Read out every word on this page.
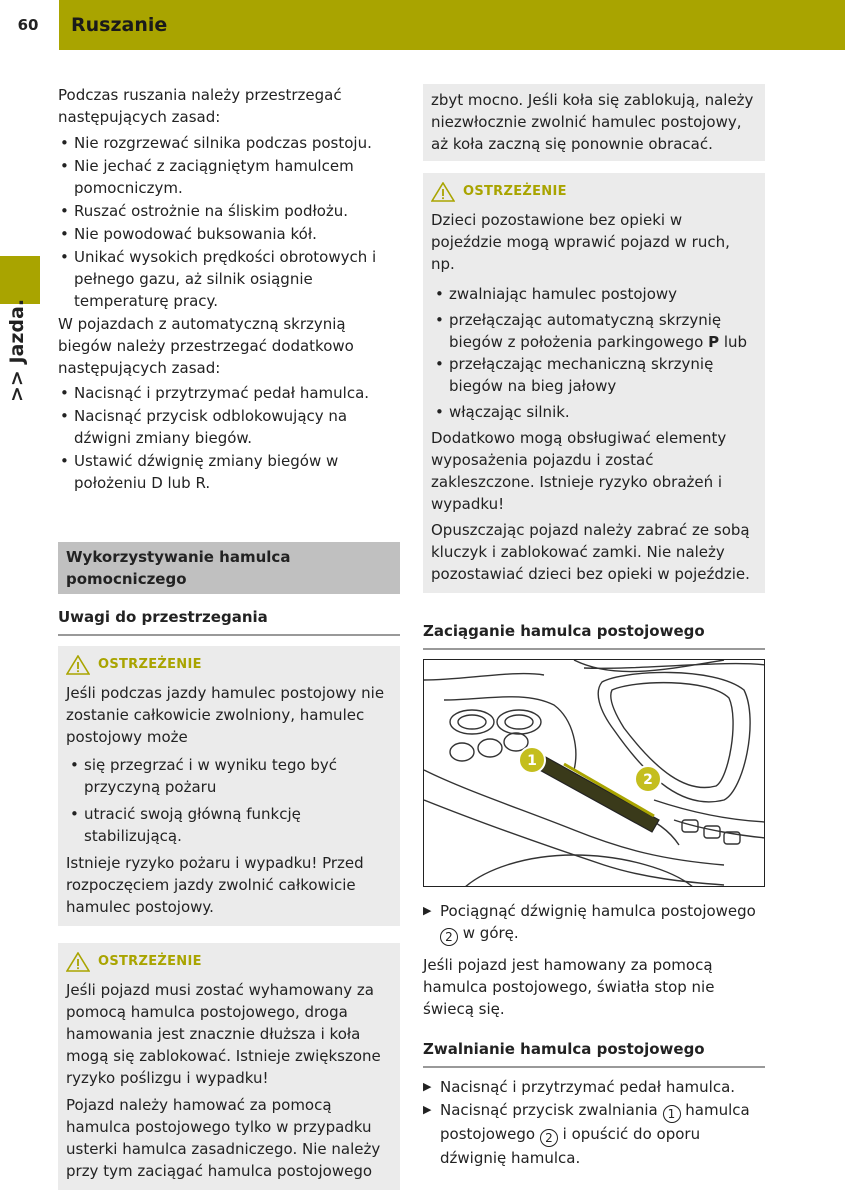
60	Ruszanie
>> Jazda.

Podczas ruszania należy przestrzegać następujących zasad:

• Nie rozgrzewać silnika podczas postoju.
• Nie jechać z zaciągniętym hamulcem pomocniczym.
• Ruszać ostrożnie na śliskim podłożu.
• Nie powodować buksowania kół.
• Unikać wysokich prędkości obrotowych i pełnego gazu, aż silnik osiągnie temperaturę pracy.

W pojazdach z automatyczną skrzynią biegów należy przestrzegać dodatkowo następujących zasad:

• Nacisnąć i przytrzymać pedał hamulca.
• Nacisnąć przycisk odblokowujący na dźwigni zmiany biegów.
• Ustawić dźwignię zmiany biegów w położeniu D lub R.
Wykorzystywanie hamulca pomocniczego
Uwagi do przestrzegania
OSTRZEŻENIE

Jeśli podczas jazdy hamulec postojowy nie zostanie całkowicie zwolniony, hamulec postojowy może

• się przegrzać i w wyniku tego być przyczyną pożaru
• utracić swoją główną funkcję stabilizującą.

Istnieje ryzyko pożaru i wypadku! Przed rozpoczęciem jazdy zwolnić całkowicie hamulec postojowy.

OSTRZEŻENIE

Jeśli pojazd musi zostać wyhamowany za pomocą hamulca postojowego, droga hamowania jest znacznie dłuższa i koła mogą się zablokować. Istnieje zwiększone ryzyko poślizgu i wypadku!

Pojazd należy hamować za pomocą hamulca postojowego tylko w przypadku usterki hamulca zasadniczego. Nie należy przy tym zaciągać hamulca postojowego

zbyt mocno. Jeśli koła się zablokują, należy niezwłocznie zwolnić hamulec postojowy, aż koła zaczną się ponownie obracać.

OSTRZEŻENIE

Dzieci pozostawione bez opieki w pojeździe mogą wprawić pojazd w ruch, np.

• zwalniając hamulec postojowy
• przełączając automatyczną skrzynię biegów z położenia parkingowego P lub
• przełączając mechaniczną skrzynię biegów na bieg jałowy
• włączając silnik.

Dodatkowo mogą obsługiwać elementy wyposażenia pojazdu i zostać zakleszczone. Istnieje ryzyko obrażeń i wypadku!

Opuszczając pojazd należy zabrać ze sobą kluczyk i zablokować zamki. Nie należy pozostawiać dzieci bez opieki w pojeździe.

Zaciąganie hamulca postojowego
1
2
▶ Pociągnąć dźwignię hamulca postojowego 2 w górę.

Jeśli pojazd jest hamowany za pomocą hamulca postojowego, światła stop nie świecą się.

Zwalnianie hamulca postojowego
▶ Nacisnąć i przytrzymać pedał hamulca.
▶ Nacisnąć przycisk zwalniania 1 hamulca postojowego 2 i opuścić do oporu dźwignię hamulca.
